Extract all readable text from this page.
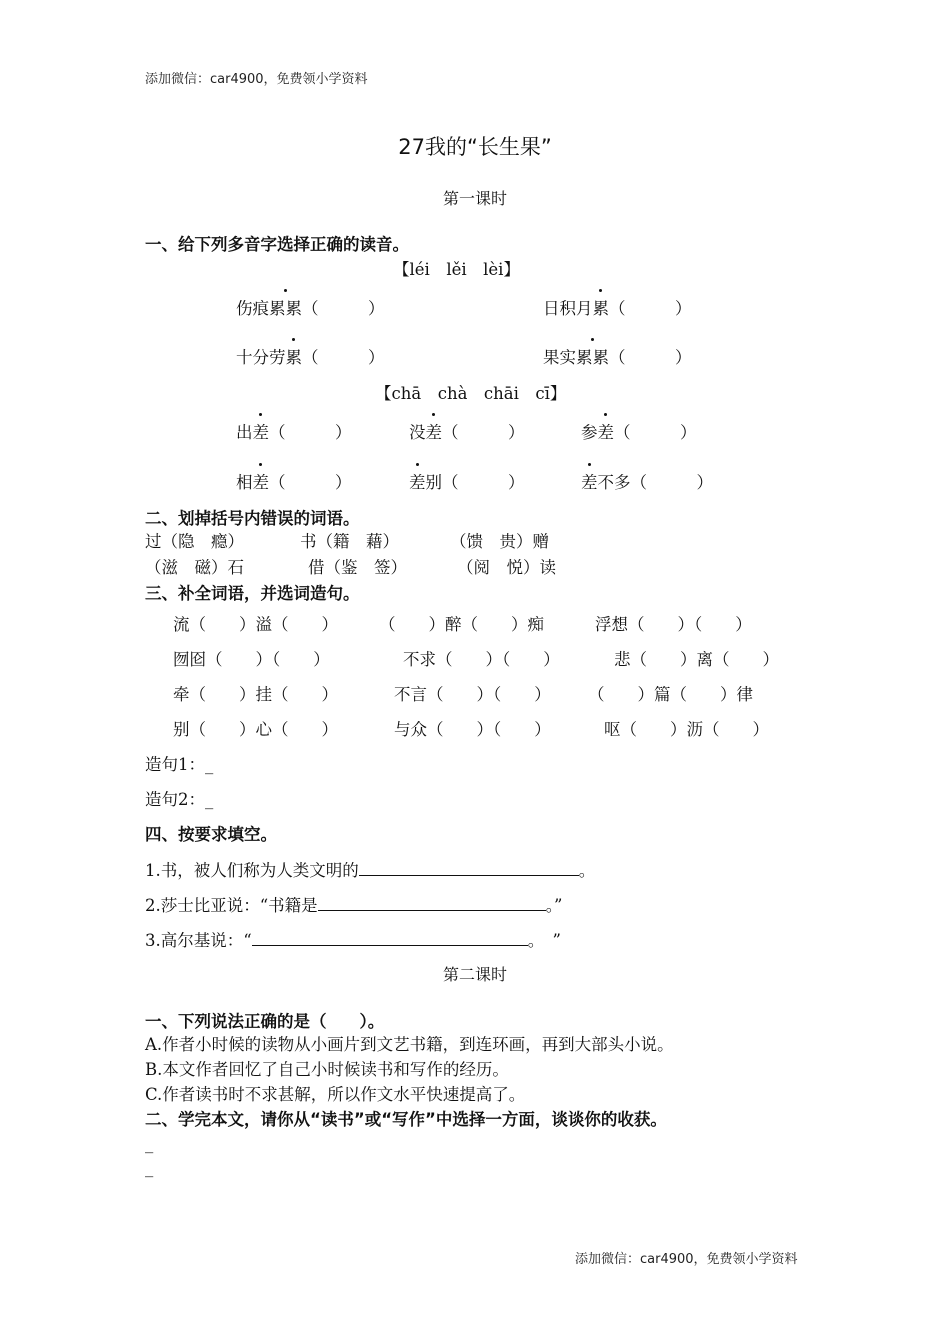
添加微信：car4900，免费领小学资料
27我的“长生果”
第一课时
一、给下列多音字选择正确的读音。
【léi　lěi　lèi】
伤痕累累（　　　）	日积月累（　　　）
十分劳累（　　　）	果实累累（　　　）
【chā　chà　chāi　cī】
出差（　　　）	没差（　　　）	参差（　　　）
相差（　　　）	差别（　　　）	差不多（　　　）
二、划掉括号内错误的词语。
过（隐　瘾）	书（籍　藉）	（馈　贵）赠
（滋　磁）石	借（鉴　签）	（阅　悦）读
三、补全词语，并选词造句。
流（　　）溢（　　） （　　）醉（　　）痴	浮想（　　）（　　）
囫囵（　　）（　　）	不求（　　）（　　）	悲（　　）离（　　）
牵（　　）挂（　　）	不言（　　）（　　） （　　）篇（　　）律
别（　　）心（　　）	与众（　　）（　　）	呕（　　）沥（　　）
造句1：_
造句2：_
四、按要求填空。
1.书，被人们称为人类文明的	。
2.莎士比亚说：“书籍是	。”
3.高尔基说：“	。　”
第二课时
一、下列说法正确的是（　　）。
A.作者小时候的读物从小画片到文艺书籍，到连环画，再到大部头小说。
B.本文作者回忆了自己小时候读书和写作的经历。
C.作者读书时不求甚解，所以作文水平快速提高了。
二、学完本文，请你从“读书”或“写作”中选择一方面，谈谈你的收获。
_
_
添加微信：car4900，免费领小学资料
